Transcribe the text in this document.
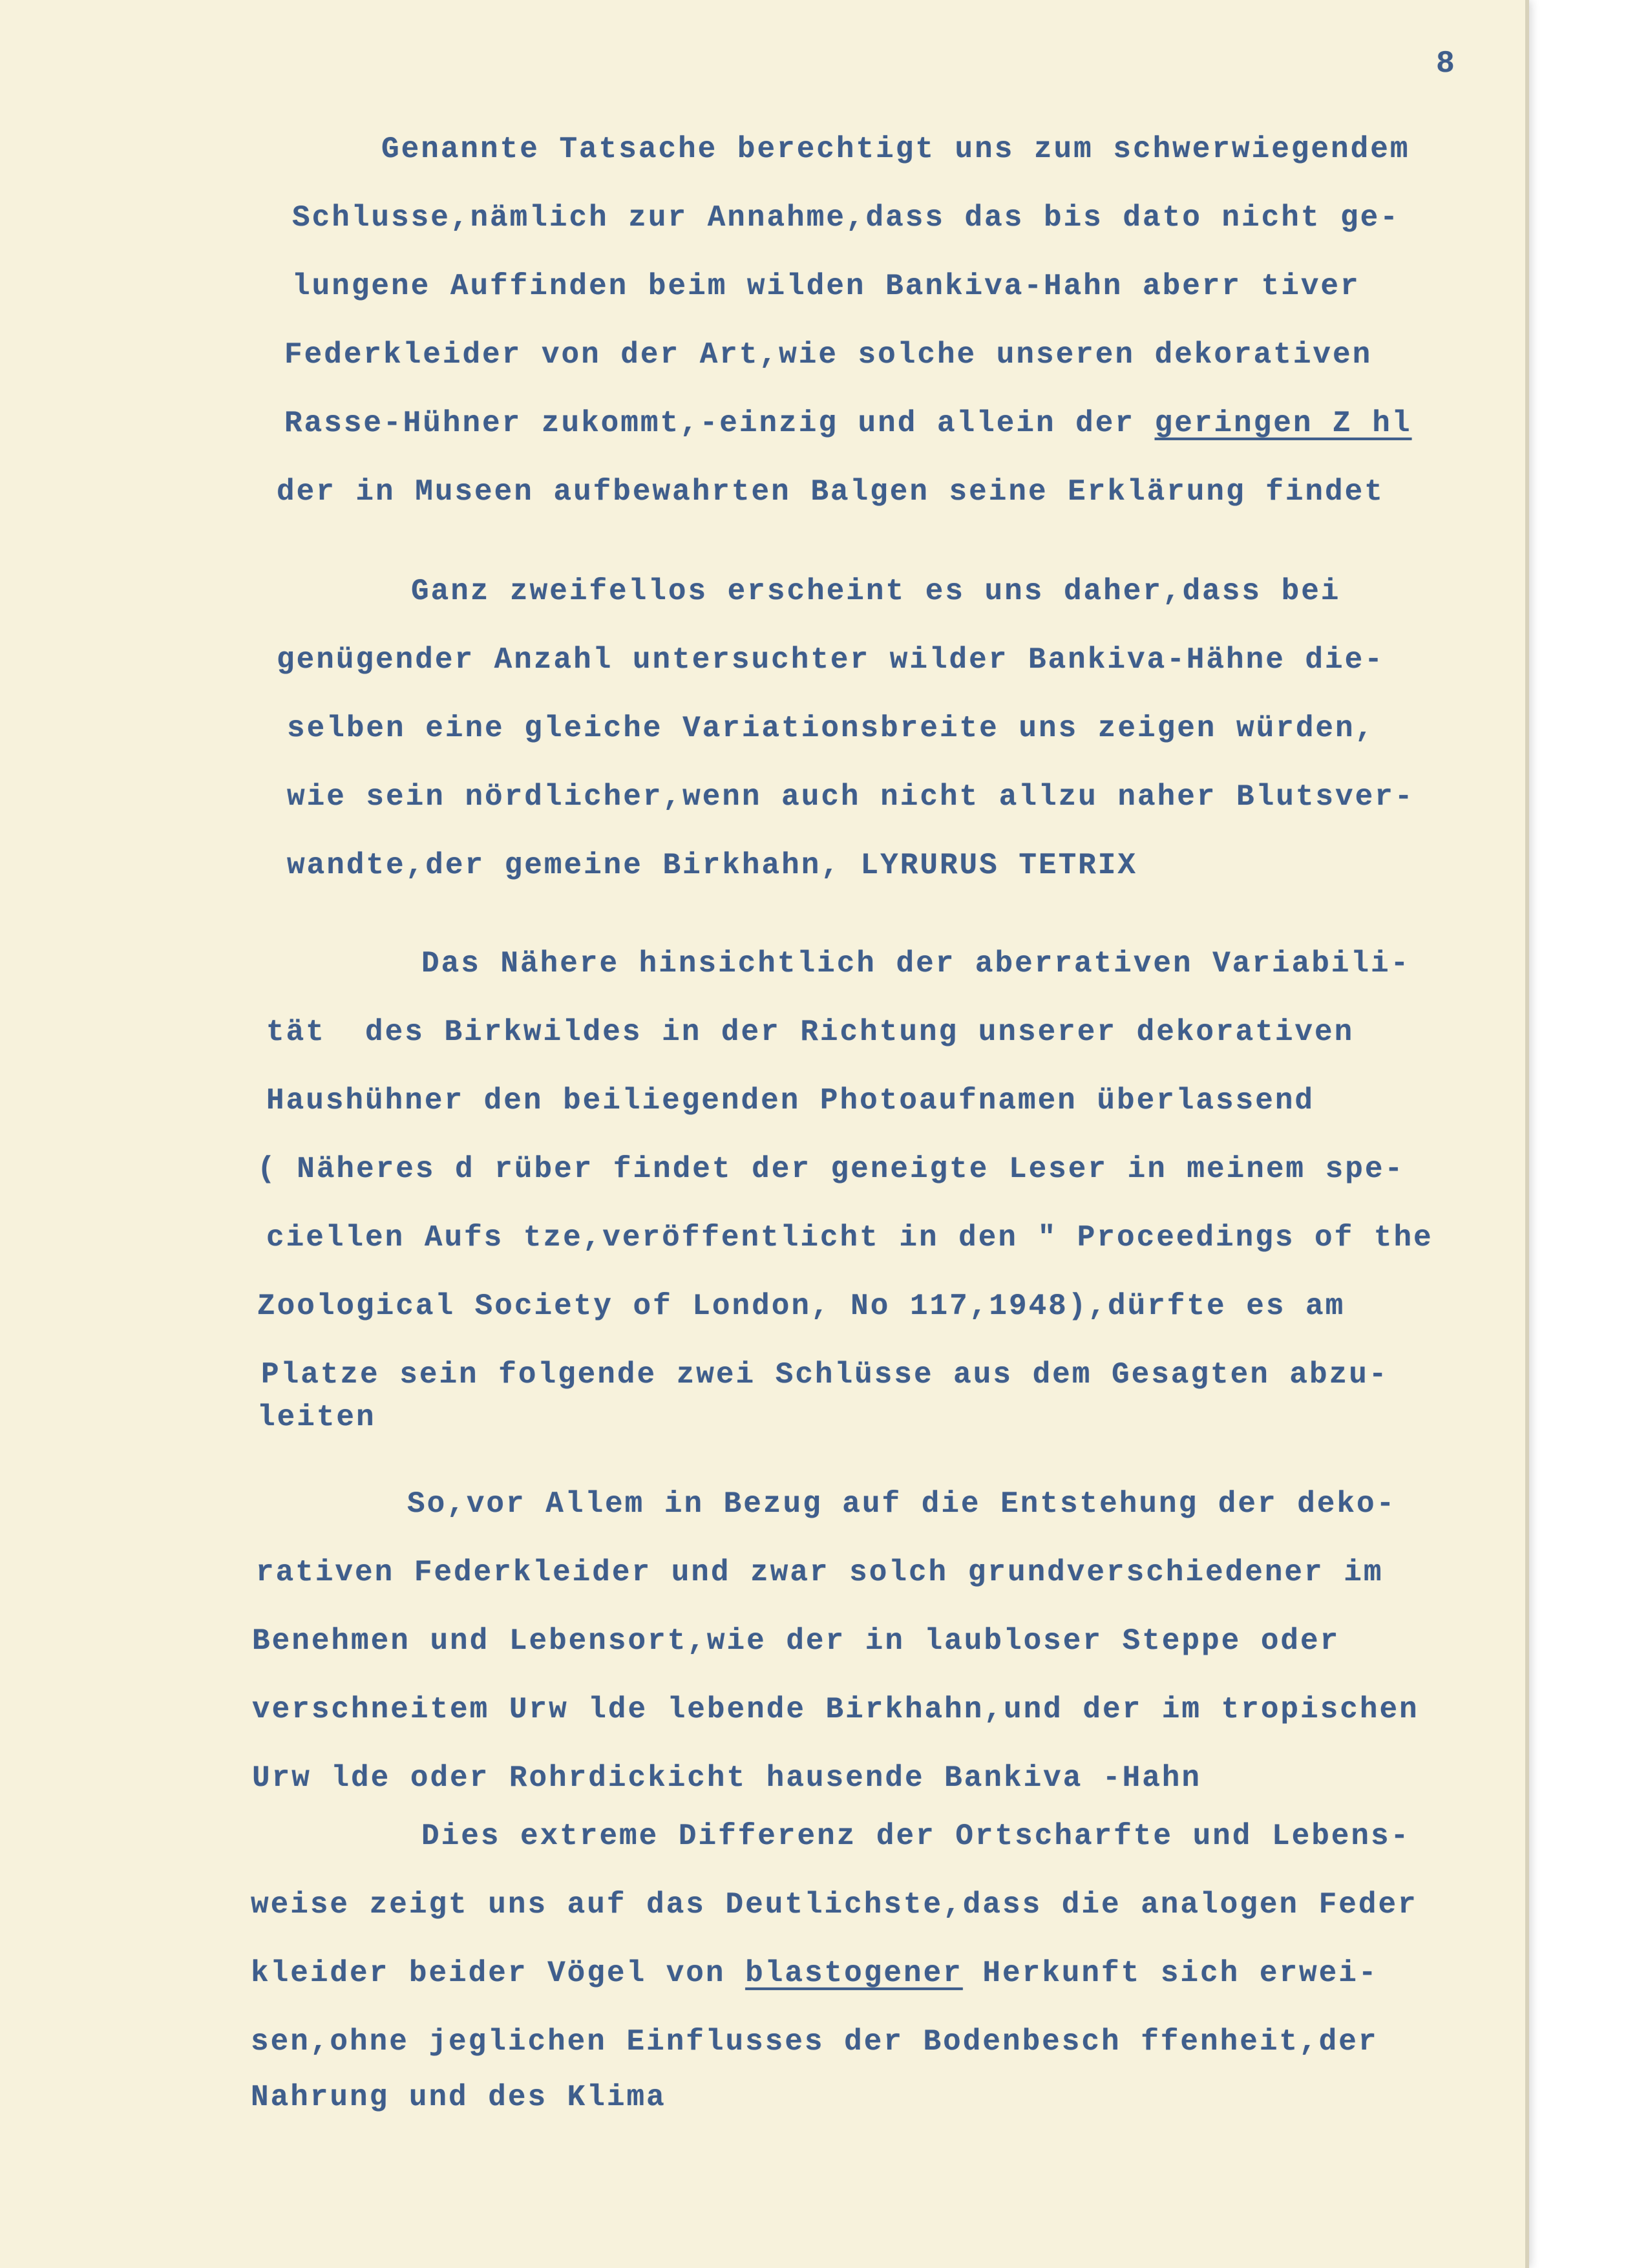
8
Genannte Tatsache berechtigt uns zum schwerwiegendem
Schlusse,nämlich zur Annahme,dass das bis dato nicht ge-
lungene Auffinden beim wilden Bankiva-Hahn aberr tiver
Federkleider von der Art,wie solche unseren dekorativen
Rasse-Hühner zukommt,-einzig und allein der geringen Z hl
der in Museen aufbewahrten Balgen seine Erklärung findet
Ganz zweifellos erscheint es uns daher,dass bei
genügender Anzahl untersuchter wilder Bankiva-Hähne die-
selben eine gleiche Variationsbreite uns zeigen würden,
wie sein nördlicher,wenn auch nicht allzu naher Blutsver-
wandte,der gemeine Birkhahn, LYRURUS TETRIX
Das Nähere hinsichtlich der aberrativen Variabili-
tät  des Birkwildes in der Richtung unserer dekorativen
Haushühner den beiliegenden Photoaufnamen überlassend
( Näheres d rüber findet der geneigte Leser in meinem spe-
ciellen Aufs tze,veröffentlicht in den " Proceedings of the
Zoological Society of London, No 117,1948),dürfte es am
Platze sein folgende zwei Schlüsse aus dem Gesagten abzu-
leiten
So,vor Allem in Bezug auf die Entstehung der deko-
rativen Federkleider und zwar solch grundverschiedener im
Benehmen und Lebensort,wie der in laubloser Steppe oder
verschneitem Urw lde lebende Birkhahn,und der im tropischen
Urw lde oder Rohrdickicht hausende Bankiva -Hahn
Dies extreme Differenz der Ortscharfte und Lebens-
weise zeigt uns auf das Deutlichste,dass die analogen Feder
kleider beider Vögel von blastogener Herkunft sich erwei-
sen,ohne jeglichen Einflusses der Bodenbesch ffenheit,der
Nahrung und des Klima
